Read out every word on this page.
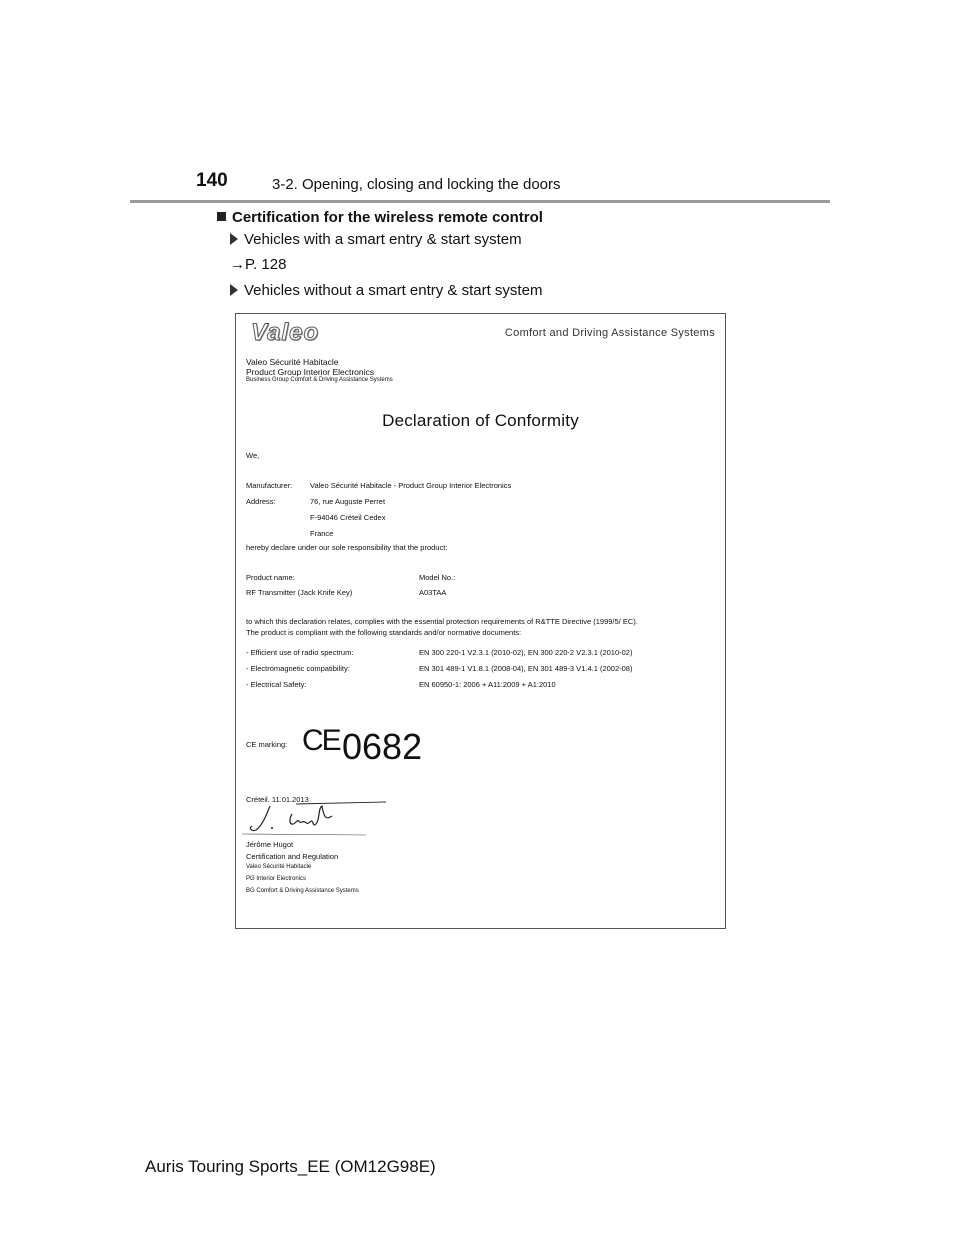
140	3-2. Opening, closing and locking the doors
Certification for the wireless remote control
Vehicles with a smart entry & start system
→P. 128
Vehicles without a smart entry & start system
Valeo	Comfort and Driving Assistance Systems
Valeo Sécurité Habitacle
Product Group Interior Electronics
Business Group Comfort & Driving Assistance Systems
Declaration of Conformity
We,
Manufacturer: Valeo Sécurité Habitacle - Product Group Interior Electronics
Address:	76, rue Auguste Perret
F-94046 Créteil Cedex
France
hereby declare under our sole responsibility that the product:
Product name:	Model No.:
RF Transmitter (Jack Knife Key)	A03TAA
to which this declaration relates, complies with the essential protection requirements of R&TTE Directive (1999/5/ EC).
The product is compliant with the following standards and/or normative documents:
- Efficient use of radio spectrum:	EN 300 220-1 V2.3.1 (2010-02), EN 300 220-2 V2.3.1 (2010-02)
- Electromagnetic compatibility:	EN 301 489-1 V1.8.1 (2008-04), EN 301 489-3 V1.4.1 (2002-08)
- Electrical Safety:	EN 60950-1: 2006 + A11:2009 + A1:2010
CE marking: CE 0682
Créteil. 11.01.2013
Jérôme Hugot
Certification and Regulation
Valeo Sécurité Habitacle
PG Interior Electronics
BG Comfort & Driving Assistance Systems
Auris Touring Sports_EE (OM12G98E)
